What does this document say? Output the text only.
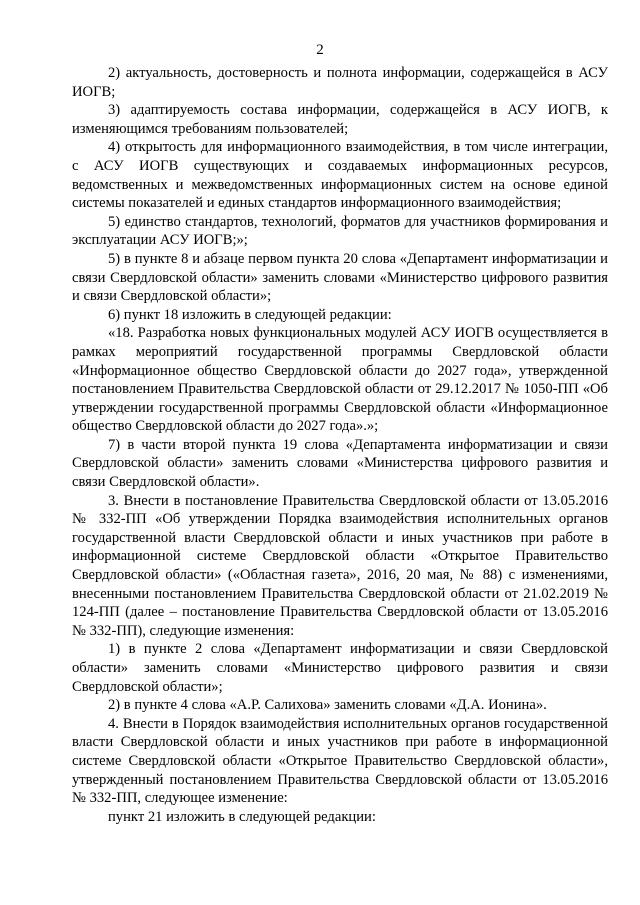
2

2) актуальность, достоверность и полнота информации, содержащейся в АСУ ИОГВ;

3) адаптируемость состава информации, содержащейся в АСУ ИОГВ, к изменяющимся требованиям пользователей;

4) открытость для информационного взаимодействия, в том числе интеграции, с АСУ ИОГВ существующих и создаваемых информационных ресурсов, ведомственных и межведомственных информационных систем на основе единой системы показателей и единых стандартов информационного взаимодействия;

5) единство стандартов, технологий, форматов для участников формирования и эксплуатации АСУ ИОГВ;»;

5) в пункте 8 и абзаце первом пункта 20 слова «Департамент информатизации и связи Свердловской области» заменить словами «Министерство цифрового развития и связи Свердловской области»;

6) пункт 18 изложить в следующей редакции:

«18. Разработка новых функциональных модулей АСУ ИОГВ осуществляется в рамках мероприятий государственной программы Свердловской области «Информационное общество Свердловской области до 2027 года», утвержденной постановлением Правительства Свердловской области от 29.12.2017 № 1050-ПП «Об утверждении государственной программы Свердловской области «Информационное общество Свердловской области до 2027 года».»;

7) в части второй пункта 19 слова «Департамента информатизации и связи Свердловской области» заменить словами «Министерства цифрового развития и связи Свердловской области».

3. Внести в постановление Правительства Свердловской области от 13.05.2016 № 332-ПП «Об утверждении Порядка взаимодействия исполнительных органов государственной власти Свердловской области и иных участников при работе в информационной системе Свердловской области «Открытое Правительство Свердловской области» («Областная газета», 2016, 20 мая, № 88) с изменениями, внесенными постановлением Правительства Свердловской области от 21.02.2019 № 124-ПП (далее – постановление Правительства Свердловской области от 13.05.2016 № 332-ПП), следующие изменения:

1) в пункте 2 слова «Департамент информатизации и связи Свердловской области» заменить словами «Министерство цифрового развития и связи Свердловской области»;

2) в пункте 4 слова «А.Р. Салихова» заменить словами «Д.А. Ионина».

4. Внести в Порядок взаимодействия исполнительных органов государственной власти Свердловской области и иных участников при работе в информационной системе Свердловской области «Открытое Правительство Свердловской области», утвержденный постановлением Правительства Свердловской области от 13.05.2016 № 332-ПП, следующее изменение:

пункт 21 изложить в следующей редакции:
